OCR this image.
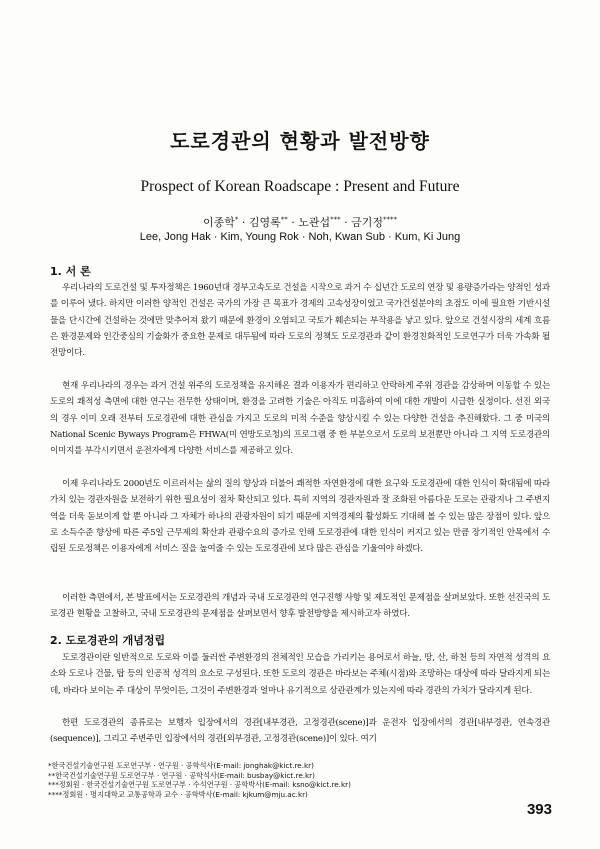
도로경관의 현황과 발전방향
Prospect of Korean Roadscape : Present and Future
이종학* · 김영록** · 노관섭*** · 금기정****
Lee, Jong Hak · Kim, Young Rok · Noh, Kwan Sub · Kum, Ki Jung
1. 서 론

우리나라의 도로건설 및 투자정책은 1960년대 경부고속도로 건설을 시작으로 과거 수 십년간 도로의 연장 및 용량증가라는 양적인 성과를 이루어 냈다. 하지만 이러한 양적인 건설은 국가의 가장 큰 목표가 경제의 고속성장이었고 국가건설분야의 초점도 이에 필요한 기반시설물을 단시간에 건설하는 것에만 맞추어져 왔기 때문에 환경이 오염되고 국토가 훼손되는 부작용을 낳고 있다. 앞으로 건설시장의 세계 흐름은 환경문제와 인간중심의 기술화가 중요한 문제로 대두됨에 따라 도로의 정책도 도로경관과 같이 환경친화적인 도로연구가 더욱 가속화 될 전망이다.

현재 우리나라의 경우는 과거 건설 위주의 도로정책을 유지해온 결과 이용자가 편리하고 안락하게 주위 경관을 감상하며 이동할 수 있는 도로의 쾌적성 측면에 대한 연구는 전무한 상태이며, 환경을 고려한 기술은 아직도 미흡하여 이에 대한 개발이 시급한 실정이다. 선진 외국의 경우 이미 오래 전부터 도로경관에 대한 관심을 가지고 도로의 미적 수준을 향상시킬 수 있는 다양한 건설을 추진해왔다. 그 중 미국의 National Scenic Byways Program은 FHWA(미 연방도로청)의 프로그램 중 한 부분으로서 도로의 보전뿐만 아니라 그 지역 도로경관의 이미지를 부각시키면서 운전자에게 다양한 서비스를 제공하고 있다.

이제 우리나라도 2000년도 이르러서는 삶의 질의 향상과 더불어 쾌적한 자연환경에 대한 요구와 도로경관에 대한 인식이 확대됨에 따라 가치 있는 경관자원을 보전하기 위한 필요성이 점차 확산되고 있다. 특히 지역의 경관자원과 잘 조화된 아름다운 도로는 관광지나 그 주변지역을 더욱 돋보이게 할 뿐 아니라 그 자체가 하나의 관광자원이 되기 때문에 지역경제의 활성화도 기대해 볼 수 있는 많은 장점이 있다. 앞으로 소득수준 향상에 따른 주5일 근무제의 확산과 관광수요의 증가로 인해 도로경관에 대한 인식이 커지고 있는 만큼 장기적인 안목에서 수립된 도로정책은 이용자에게 서비스 질을 높여줄 수 있는 도로경관에 보다 많은 관심을 기울여야 하겠다.

이러한 측면에서, 본 발표에서는 도로경관의 개념과 국내 도로경관의 연구진행 사항 및 제도적인 문제점을 살펴보았다. 또한 선진국의 도로경관 현황을 고찰하고, 국내 도로경관의 문제점을 살펴보면서 향후 발전방향을 제시하고자 하였다.

2. 도로경관의 개념정립

도로경관이란 일반적으로 도로와 이를 둘러싼 주변환경의 전체적인 모습을 가리키는 용어로서 하늘, 땅, 산, 하천 등의 자연적 성격의 요소와 도로나 건물, 탑 등의 인공적 성격의 요소로 구성된다. 또한 도로의 경관은 바라보는 주체(시점)와 조망하는 대상에 따라 달라지게 되는데, 바라다 보이는 주 대상이 무엇이든, 그것이 주변환경과 얼마나 유기적으로 상관관계가 있는지에 따라 경관의 가치가 달라지게 된다.

한편 도로경관의 종류로는 보행자 입장에서의 경관[내부경관, 고정경관(scene)]과 운전자 입장에서의 경관[내부경관, 연속경관(sequence)], 그리고 주변주민 입장에서의 경관[외부경관, 고정경관(scene)]이 있다. 여기

*한국건설기술연구원 도로연구부 · 연구원 · 공학석사(E-mail: jonghak@kict.re.kr)
**한국건설기술연구원 도로연구부 · 연구원 · 공학석사(E-mail: busbay@kict.re.kr)
***정회원 · 한국건설기술연구원 도로연구부 · 수석연구원 · 공학박사(E-mail: ksno@kict.re.kr)
****정회원 · 명지대학교 교통공학과 교수 · 공학박사(E-mail: kjkum@mju.ac.kr)
393
